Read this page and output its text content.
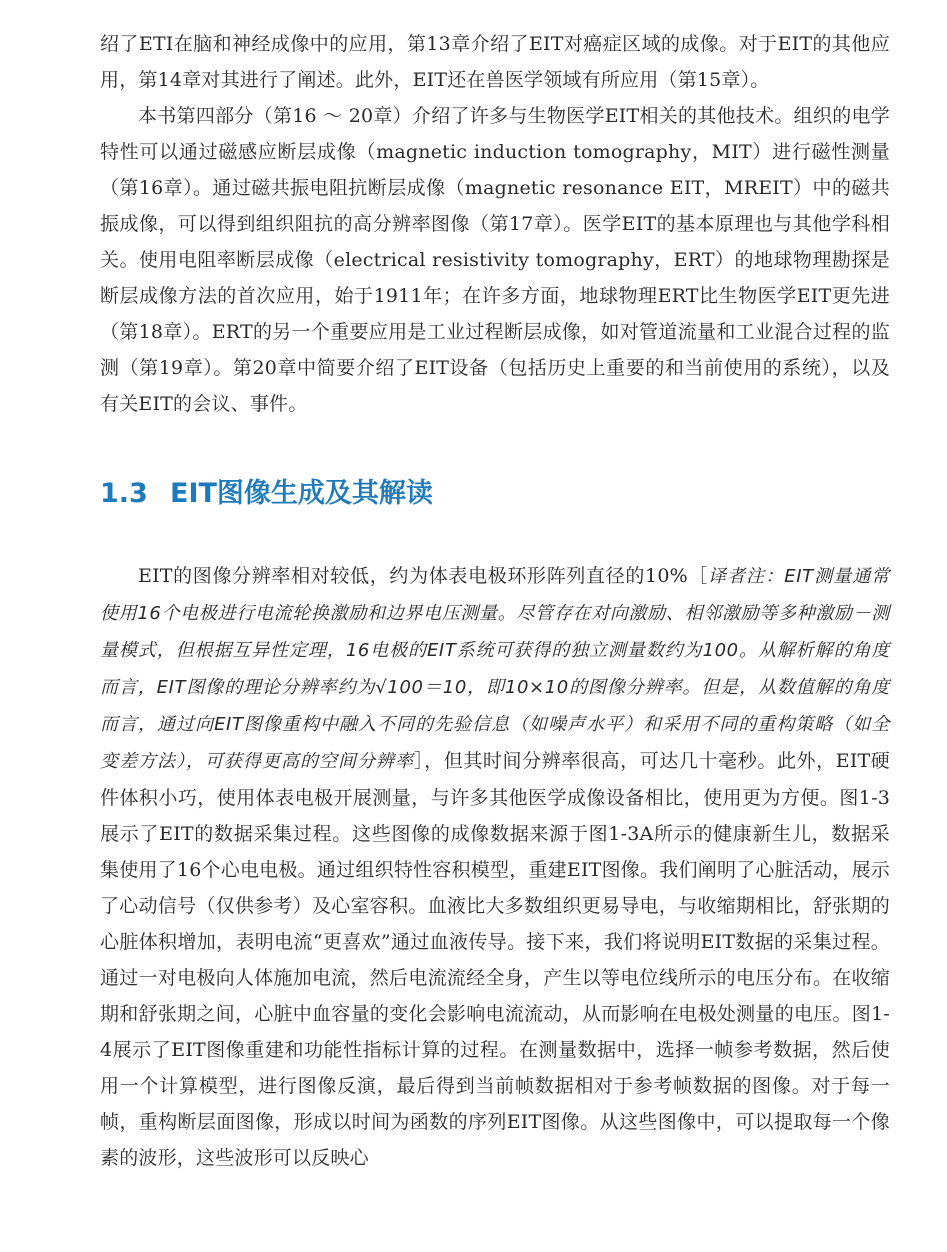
绍了ETI在脑和神经成像中的应用，第13章介绍了EIT对癌症区域的成像。对于EIT的其他应用，第14章对其进行了阐述。此外，EIT还在兽医学领域有所应用（第15章）。

本书第四部分（第16 ～ 20章）介绍了许多与生物医学EIT相关的其他技术。组织的电学特性可以通过磁感应断层成像（magnetic induction tomography，MIT）进行磁性测量（第16章）。通过磁共振电阻抗断层成像（magnetic resonance EIT，MREIT）中的磁共振成像，可以得到组织阻抗的高分辨率图像（第17章）。医学EIT的基本原理也与其他学科相关。使用电阻率断层成像（electrical resistivity tomography，ERT）的地球物理勘探是断层成像方法的首次应用，始于1911年；在许多方面，地球物理ERT比生物医学EIT更先进（第18章）。ERT的另一个重要应用是工业过程断层成像，如对管道流量和工业混合过程的监测（第19章）。第20章中简要介绍了EIT设备（包括历史上重要的和当前使用的系统），以及有关EIT的会议、事件。

1.3 EIT图像生成及其解读

EIT的图像分辨率相对较低，约为体表电极环形阵列直径的10%［译者注：EIT测量通常使用16个电极进行电流轮换激励和边界电压测量。尽管存在对向激励、相邻激励等多种激励－测量模式，但根据互异性定理，16电极的EIT系统可获得的独立测量数约为100。从解析解的角度而言，EIT图像的理论分辨率约为√100＝10，即10×10的图像分辨率。但是，从数值解的角度而言，通过向EIT图像重构中融入不同的先验信息（如噪声水平）和采用不同的重构策略（如全变差方法），可获得更高的空间分辨率］，但其时间分辨率很高，可达几十毫秒。此外，EIT硬件体积小巧，使用体表电极开展测量，与许多其他医学成像设备相比，使用更为方便。图1-3展示了EIT的数据采集过程。这些图像的成像数据来源于图1-3A所示的健康新生儿，数据采集使用了16个心电电极。通过组织特性容积模型，重建EIT图像。我们阐明了心脏活动，展示了心动信号（仅供参考）及心室容积。血液比大多数组织更易导电，与收缩期相比，舒张期的心脏体积增加，表明电流“更喜欢”通过血液传导。接下来，我们将说明EIT数据的采集过程。通过一对电极向人体施加电流，然后电流流经全身，产生以等电位线所示的电压分布。在收缩期和舒张期之间，心脏中血容量的变化会影响电流流动，从而影响在电极处测量的电压。图1-4展示了EIT图像重建和功能性指标计算的过程。在测量数据中，选择一帧参考数据，然后使用一个计算模型，进行图像反演，最后得到当前帧数据相对于参考帧数据的图像。对于每一帧，重构断层面图像，形成以时间为函数的序列EIT图像。从这些图像中，可以提取每一个像素的波形，这些波形可以反映心
